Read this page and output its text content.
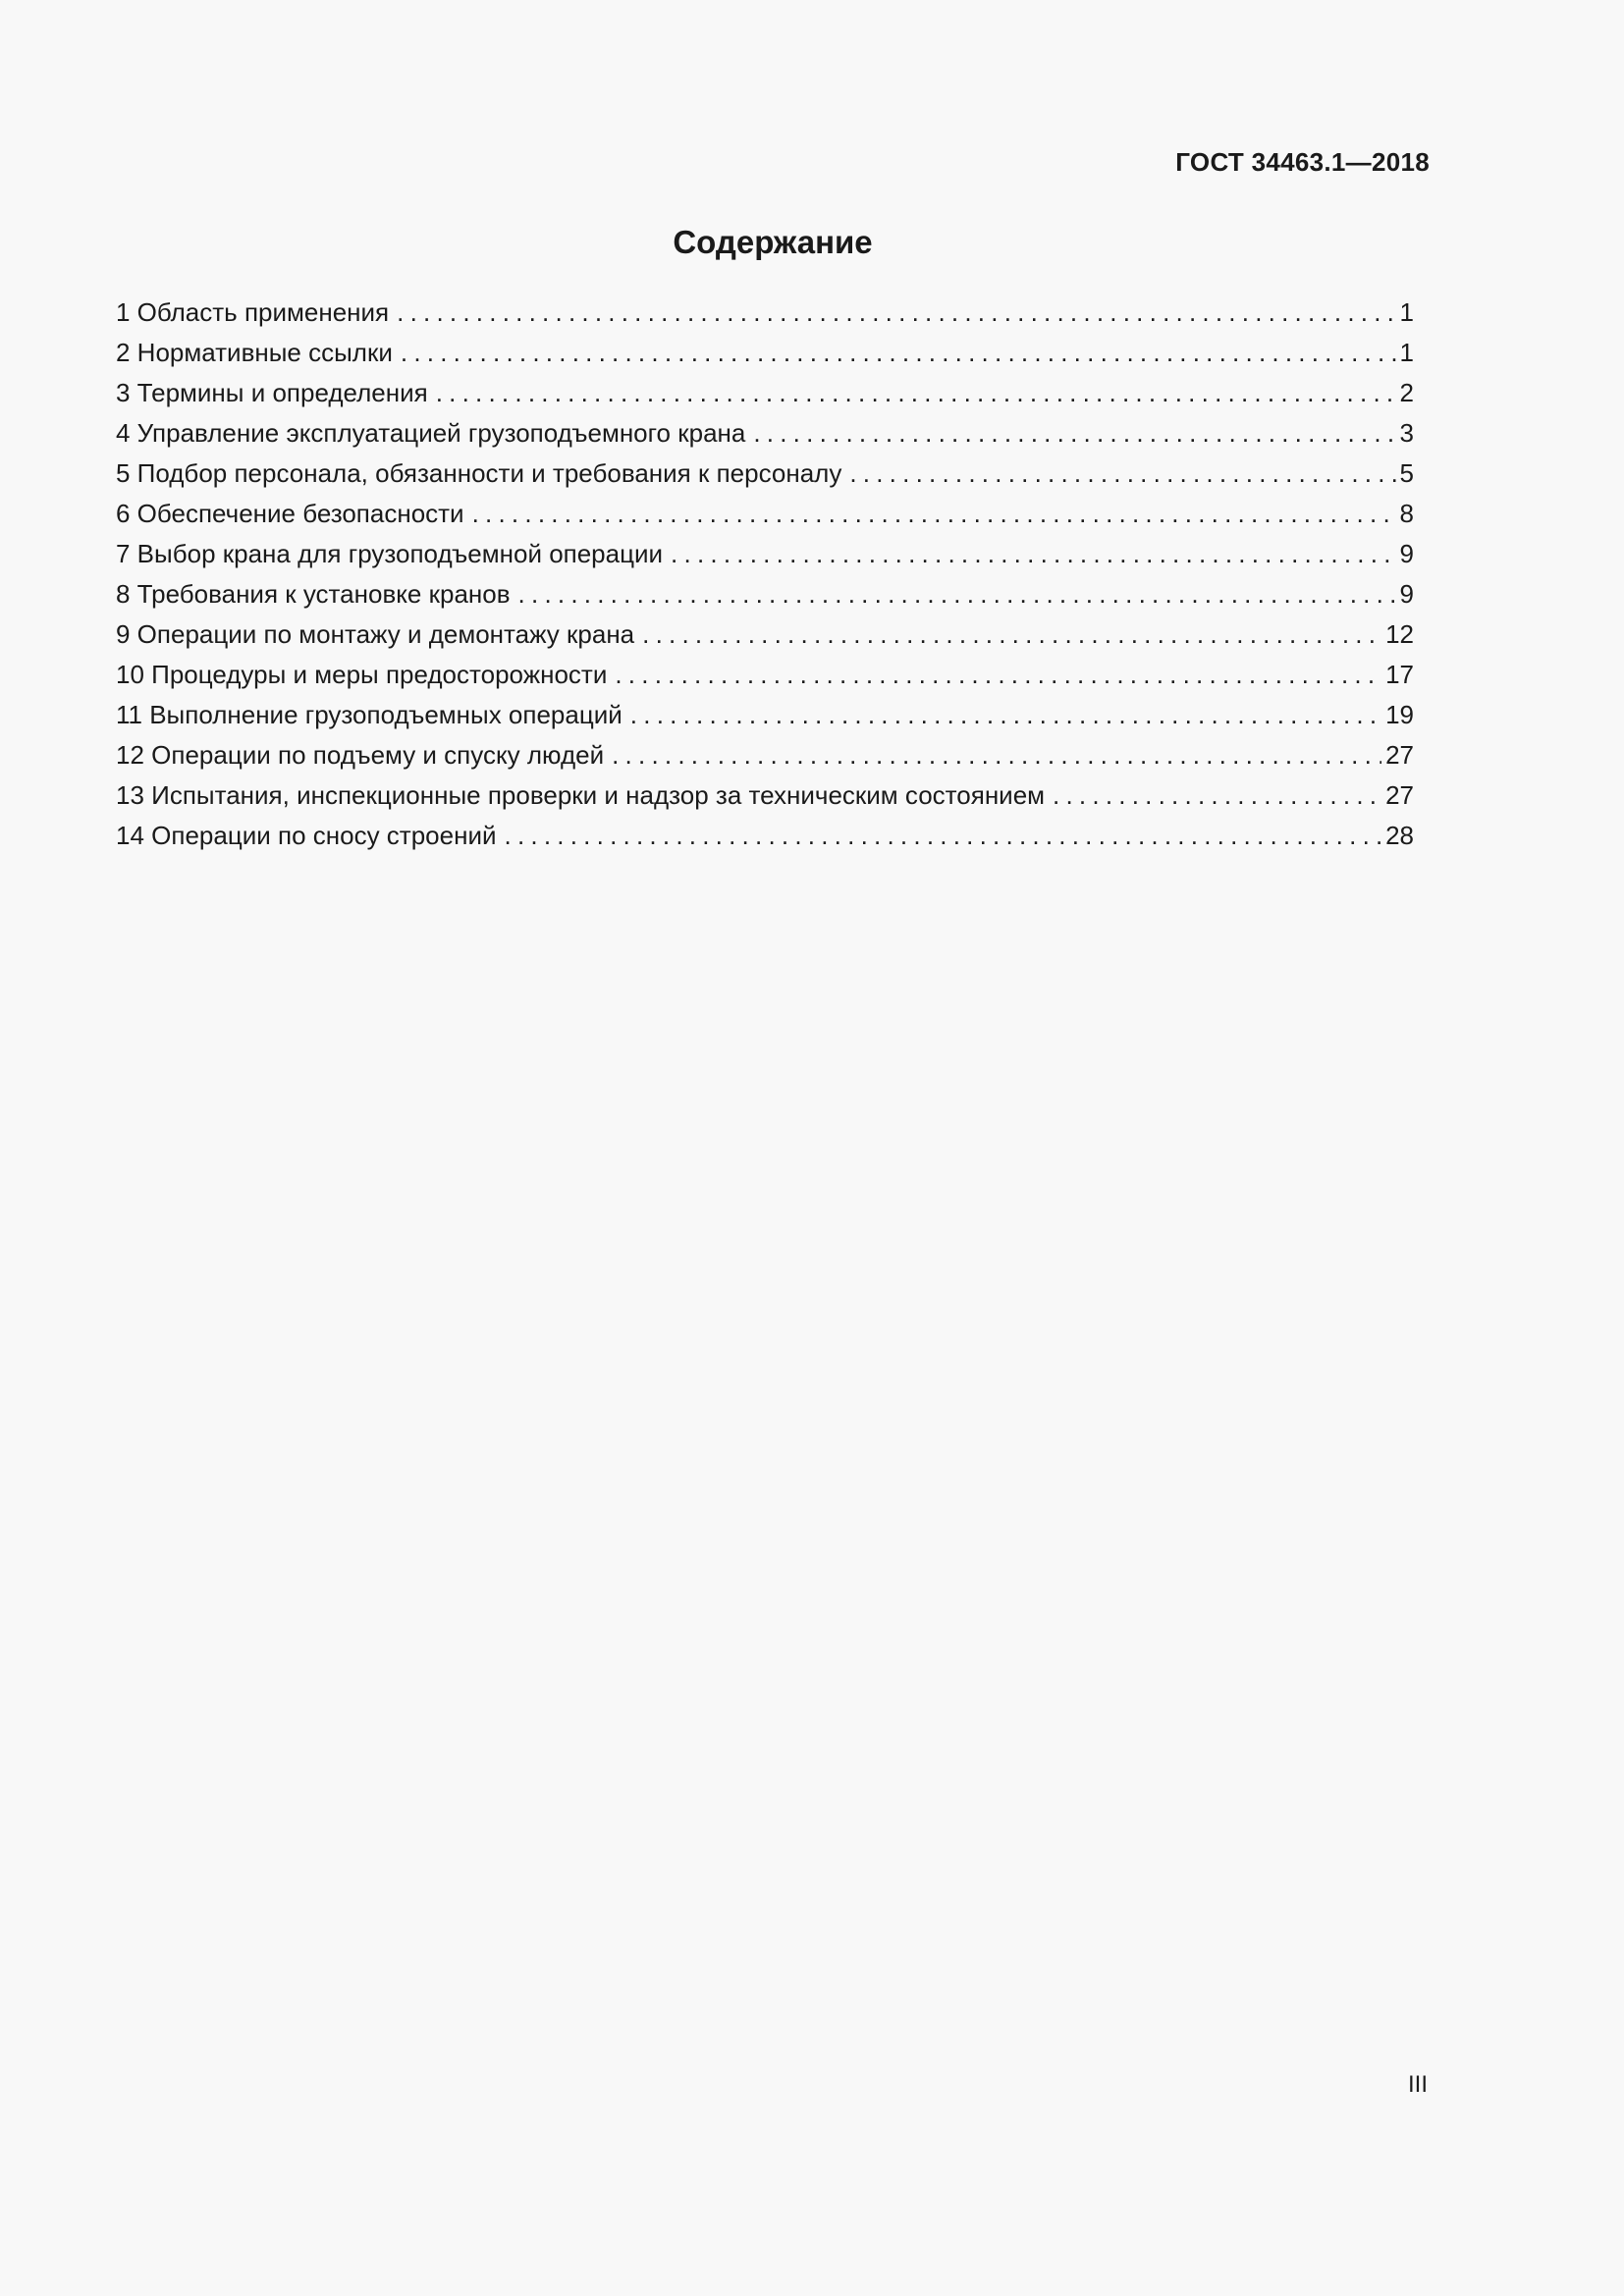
ГОСТ 34463.1—2018
Содержание
1 Область применения . . .	1
2 Нормативные ссылки . . .	1
3 Термины и определения . . .	2
4 Управление эксплуатацией грузоподъемного крана . . .	3
5 Подбор персонала, обязанности и требования к персоналу . . .	5
6 Обеспечение безопасности . . .	8
7 Выбор крана для грузоподъемной операции . . .	9
8 Требования к установке кранов . . .	9
9 Операции по монтажу и демонтажу крана . . .	12
10 Процедуры и меры предосторожности . . .	17
11 Выполнение грузоподъемных операций . . .	19
12 Операции по подъему и спуску людей . . .	27
13 Испытания, инспекционные проверки и надзор за техническим состоянием . . .	27
14 Операции по сносу строений . . .	28
III
